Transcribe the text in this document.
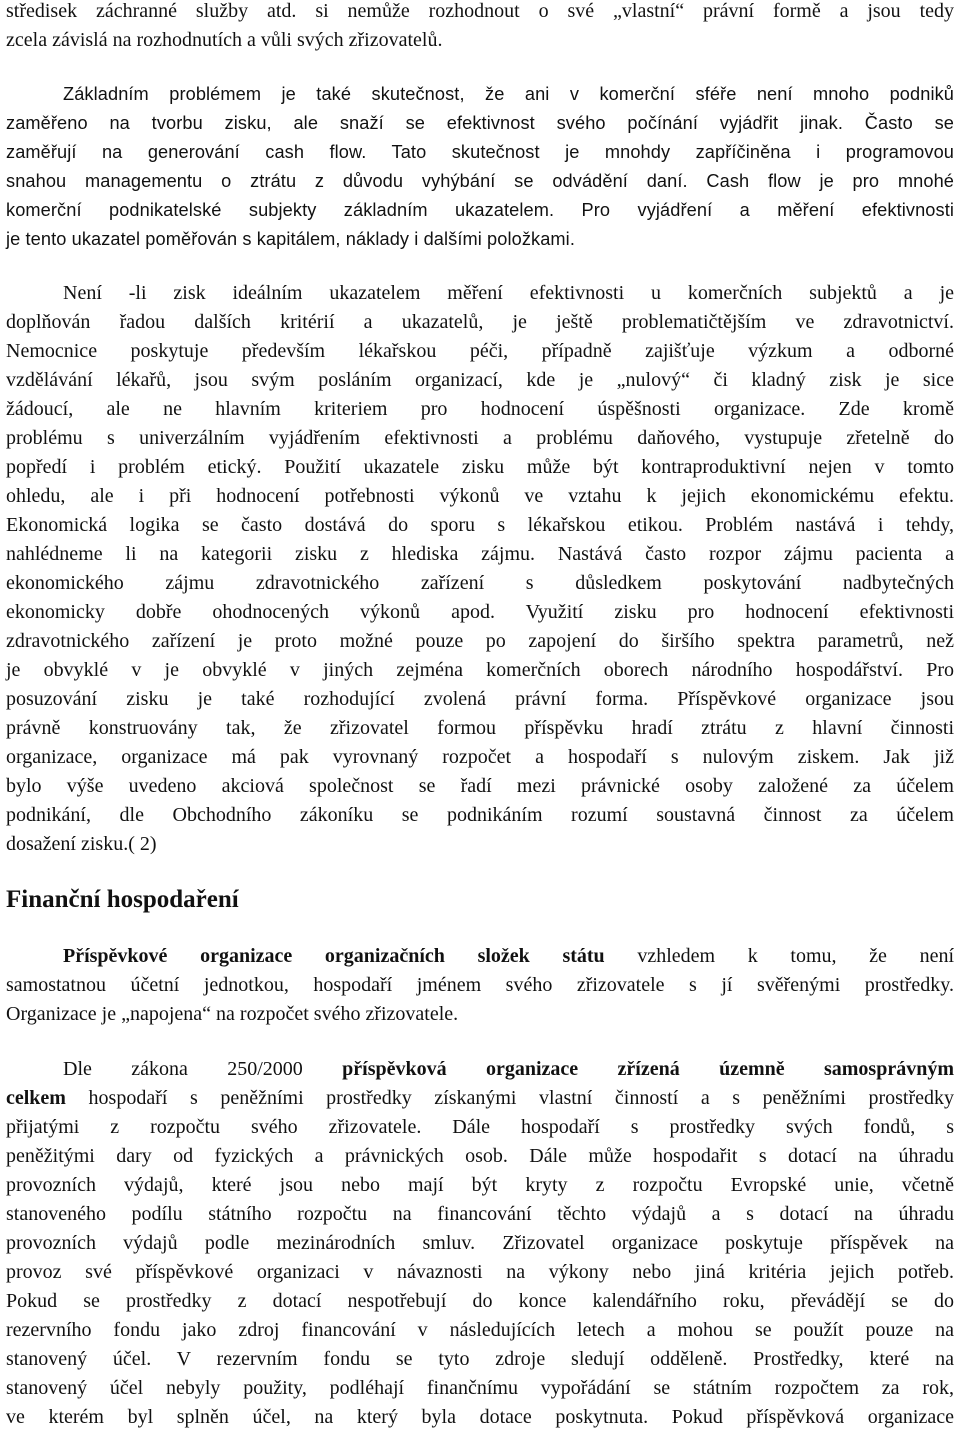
středisek záchranné služby atd. si nemůže rozhodnout o své „vlastní“ právní formě a jsou tedy
zcela závislá na rozhodnutích a vůli svých zřizovatelů.
Základním problémem je také skutečnost, že ani v komerční sféře není mnoho podniků
zaměřeno na tvorbu zisku, ale snaží se efektivnost svého počínání vyjádřit jinak. Často se
zaměřují na generování cash flow. Tato skutečnost je mnohdy zapříčiněna i programovou
snahou managementu o ztrátu z důvodu vyhýbání se odvádění daní. Cash flow je pro mnohé
komerční podnikatelské subjekty základním ukazatelem. Pro vyjádření a měření efektivnosti
je tento ukazatel poměřován s kapitálem, náklady i dalšími položkami.
Není -li zisk ideálním ukazatelem měření efektivnosti u komerčních subjektů a je
doplňován řadou dalších kritérií a ukazatelů, je ještě problematičtějším ve zdravotnictví.
Nemocnice poskytuje především lékařskou péči, případně zajišťuje výzkum a odborné
vzdělávání lékařů, jsou svým posláním organizací, kde je „nulový“ či kladný zisk je sice
žádoucí, ale ne hlavním kriteriem pro hodnocení úspěšnosti organizace. Zde kromě
problému s univerzálním vyjádřením efektivnosti a problému daňového, vystupuje zřetelně do
popředí i problém etický. Použití ukazatele zisku může být kontraproduktivní nejen v tomto
ohledu, ale i při hodnocení potřebnosti výkonů ve vztahu k jejich ekonomickému efektu.
Ekonomická logika se často dostává do sporu s lékařskou etikou. Problém nastává i tehdy,
nahlédneme li na kategorii zisku z hlediska zájmu. Nastává často rozpor zájmu pacienta a
ekonomického zájmu zdravotnického zařízení s důsledkem poskytování nadbytečných
ekonomicky dobře ohodnocených výkonů apod. Využití zisku pro hodnocení efektivnosti
zdravotnického zařízení je proto možné pouze po zapojení do širšího spektra parametrů, než
je obvyklé v je obvyklé v jiných zejména komerčních oborech národního hospodářství. Pro
posuzování zisku je také rozhodující zvolená právní forma. Příspěvkové organizace jsou
právně konstruovány tak, že zřizovatel formou příspěvku hradí ztrátu z hlavní činnosti
organizace, organizace má pak vyrovnaný rozpočet a hospodaří s nulovým ziskem. Jak již
bylo výše uvedeno akciová společnost se řadí mezi právnické osoby založené za účelem
podnikání, dle Obchodního zákoníku se podnikáním rozumí soustavná činnost za účelem
dosažení zisku.( 2)
Finanční hospodaření
Příspěvkové organizace organizačních složek státu vzhledem k tomu, že není
samostatnou účetní jednotkou, hospodaří jménem svého zřizovatele s jí svěřenými prostředky.
Organizace je „napojena“ na rozpočet svého zřizovatele.
Dle zákona 250/2000 příspěvková organizace zřízená územně samosprávným
celkem hospodaří s peněžními prostředky získanými vlastní činností a s peněžními prostředky
přijatými z rozpočtu svého zřizovatele. Dále hospodaří s prostředky svých fondů, s
peněžitými dary od fyzických a právnických osob. Dále může hospodařit s dotací na úhradu
provozních výdajů, které jsou nebo mají být kryty z rozpočtu Evropské unie, včetně
stanoveného podílu státního rozpočtu na financování těchto výdajů a s dotací na úhradu
provozních výdajů podle mezinárodních smluv. Zřizovatel organizace poskytuje příspěvek na
provoz své příspěvkové organizaci v návaznosti na výkony nebo jiná kritéria jejich potřeb.
Pokud se prostředky z dotací nespotřebují do konce kalendářního roku, převádějí se do
rezervního fondu jako zdroj financování v následujících letech a mohou se použít pouze na
stanovený účel. V rezervním fondu se tyto zdroje sledují odděleně. Prostředky, které na
stanovený účel nebyly použity, podléhají finančnímu vypořádání se státním rozpočtem za rok,
ve kterém byl splněn účel, na který byla dotace poskytnuta. Pokud příspěvková organizace
